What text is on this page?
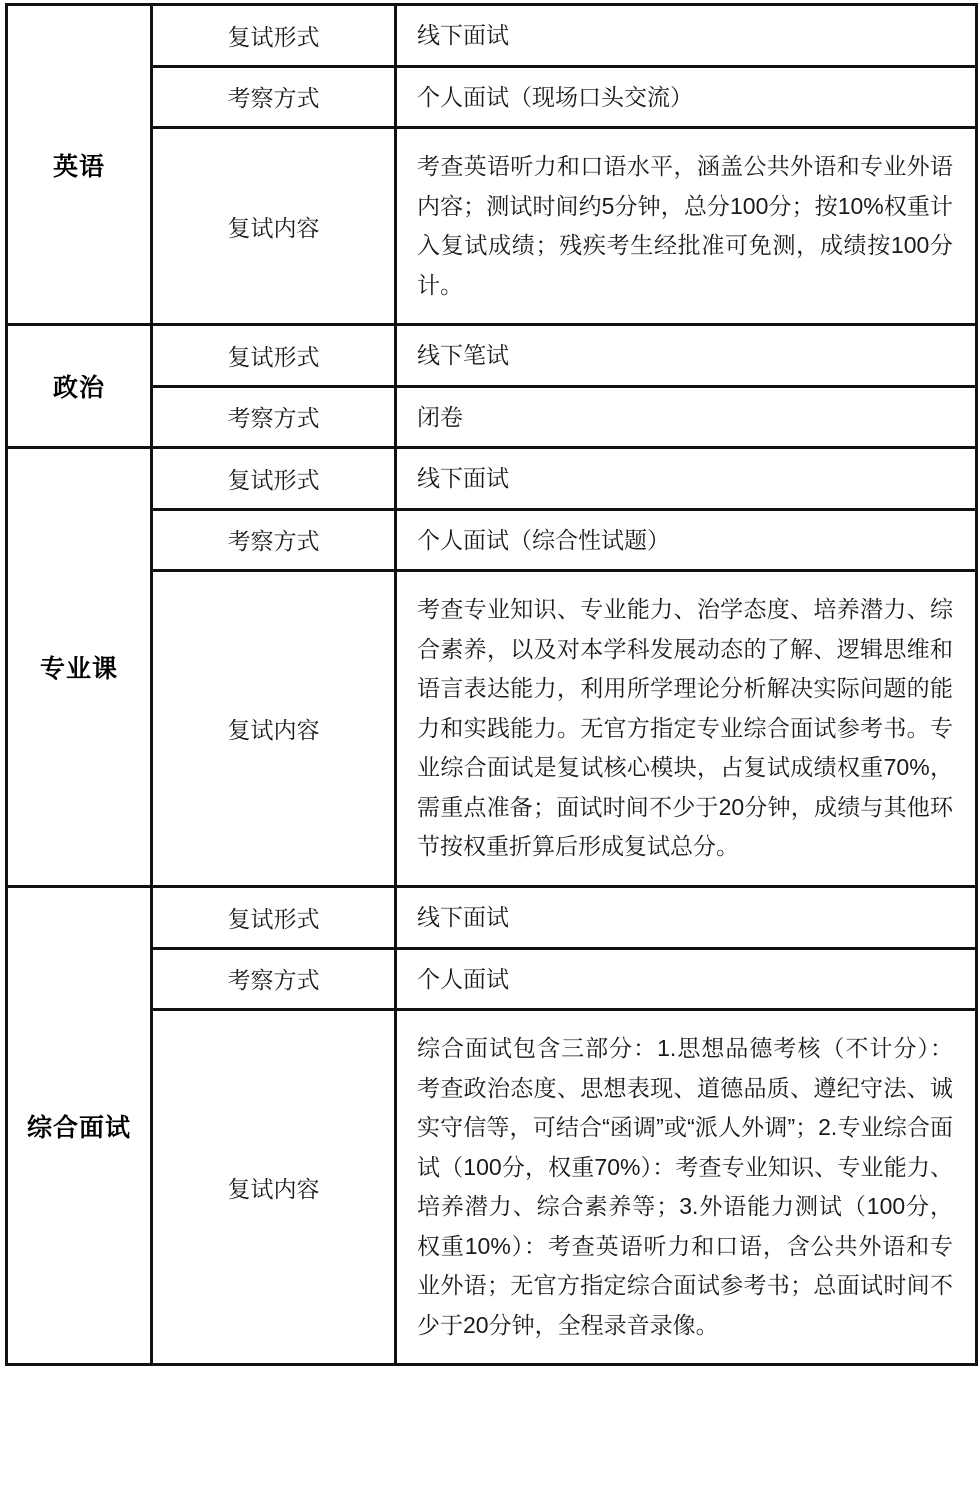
英语	复试形式	线下面试
	考察方式	个人面试（现场口头交流）
	复试内容	考查英语听力和口语水平，涵盖公共外语和专业外语内容；测试时间约5分钟，总分100分；按10%权重计入复试成绩；残疾考生经批准可免测，成绩按100分计。
政治	复试形式	线下笔试
	考察方式	闭卷
专业课	复试形式	线下面试
	考察方式	个人面试（综合性试题）
	复试内容	考查专业知识、专业能力、治学态度、培养潜力、综合素养，以及对本学科发展动态的了解、逻辑思维和语言表达能力，利用所学理论分析解决实际问题的能力和实践能力。无官方指定专业综合面试参考书。专业综合面试是复试核心模块，占复试成绩权重70%，需重点准备；面试时间不少于20分钟，成绩与其他环节按权重折算后形成复试总分。
综合面试	复试形式	线下面试
	考察方式	个人面试
	复试内容	综合面试包含三部分：1.思想品德考核（不计分）：考查政治态度、思想表现、道德品质、遵纪守法、诚实守信等，可结合“函调”或“派人外调”；2.专业综合面试（100分，权重70%）：考查专业知识、专业能力、培养潜力、综合素养等；3.外语能力测试（100分，权重10%）：考查英语听力和口语，含公共外语和专业外语；无官方指定综合面试参考书；总面试时间不少于20分钟，全程录音录像。
